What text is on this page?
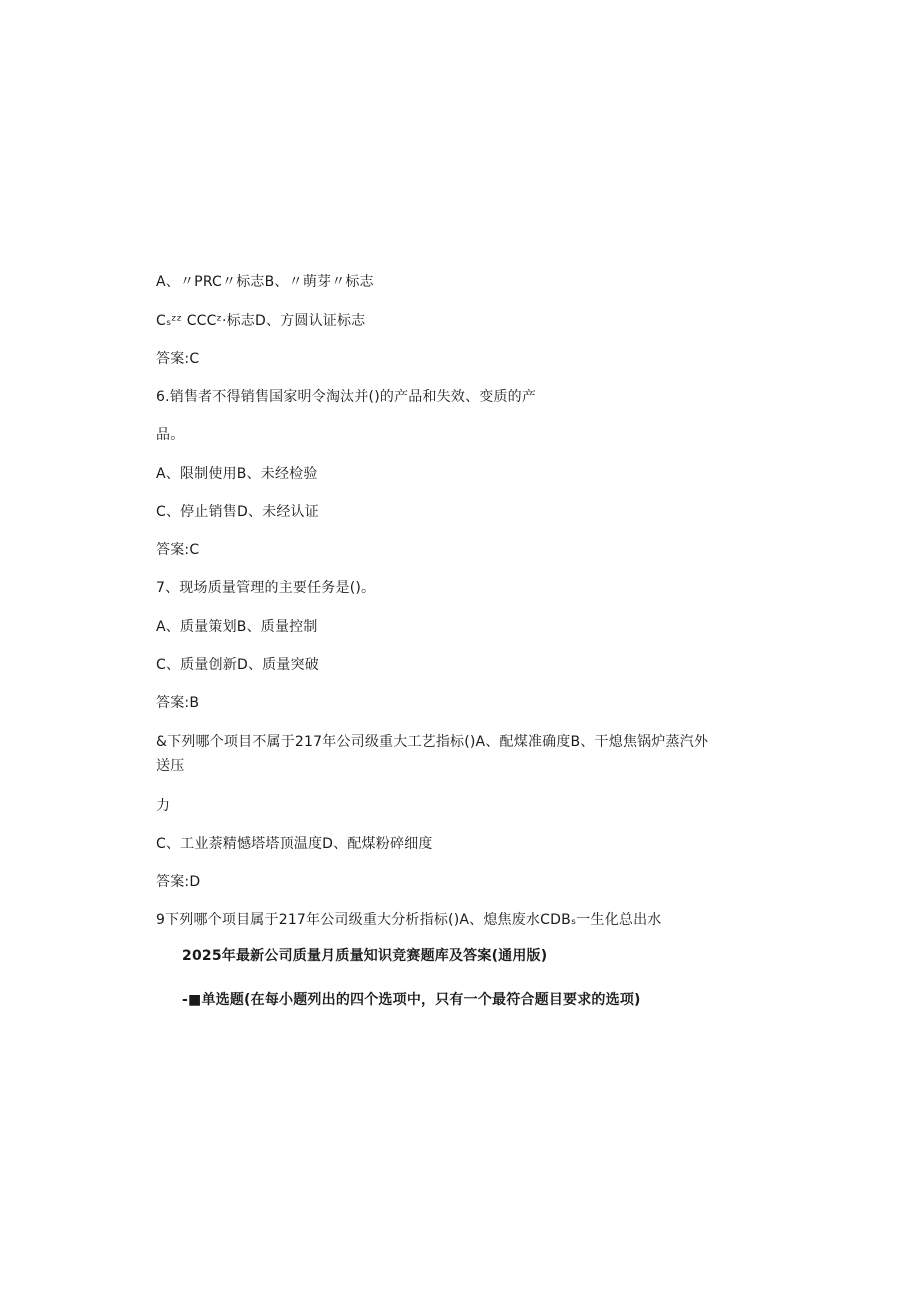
A、〃PRC〃标志B、〃萌芽〃标志
Cₛᶻᶻ CCCᶻ·标志D、方圆认证标志
答案:C
6.销售者不得销售国家明令淘汰并()的产品和失效、变质的产
品。
A、限制使用B、未经检验
C、停止销售D、未经认证
答案:C
7、现场质量管理的主要任务是()。
A、质量策划B、质量控制
C、质量创新D、质量突破
答案:B
&下列哪个项目不属于217年公司级重大工艺指标()A、配煤准确度B、干熄焦锅炉蒸汽外送压
力
C、工业萘精憾塔塔顶温度D、配煤粉碎细度
答案:D
9下列哪个项目属于217年公司级重大分析指标()A、熄焦废水CDBₛ一生化总出水
2025年最新公司质量月质量知识竞赛题库及答案(通用版)
-■单选题(在每小题列出的四个选项中，只有一个最符合题目要求的选项)
